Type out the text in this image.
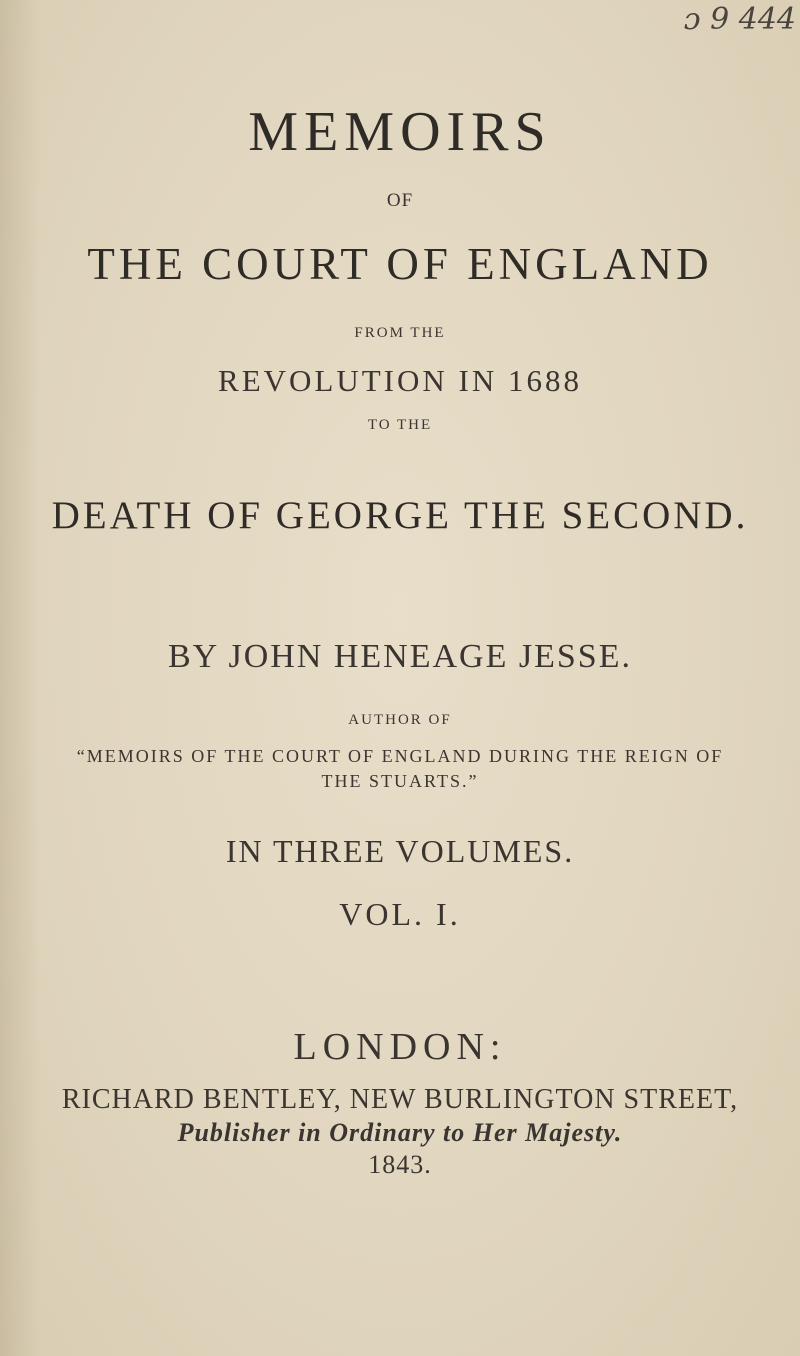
ɔ 9 444
MEMOIRS
OF
THE COURT OF ENGLAND
FROM THE
REVOLUTION IN 1688
TO THE
DEATH OF GEORGE THE SECOND.
BY JOHN HENEAGE JESSE.
AUTHOR OF
“MEMOIRS OF THE COURT OF ENGLAND DURING THE REIGN OF
THE STUARTS.”
IN THREE VOLUMES.
VOL. I.
LONDON:
RICHARD BENTLEY, NEW BURLINGTON STREET,
Publisher in Ordinary to Her Majesty.
1843.
